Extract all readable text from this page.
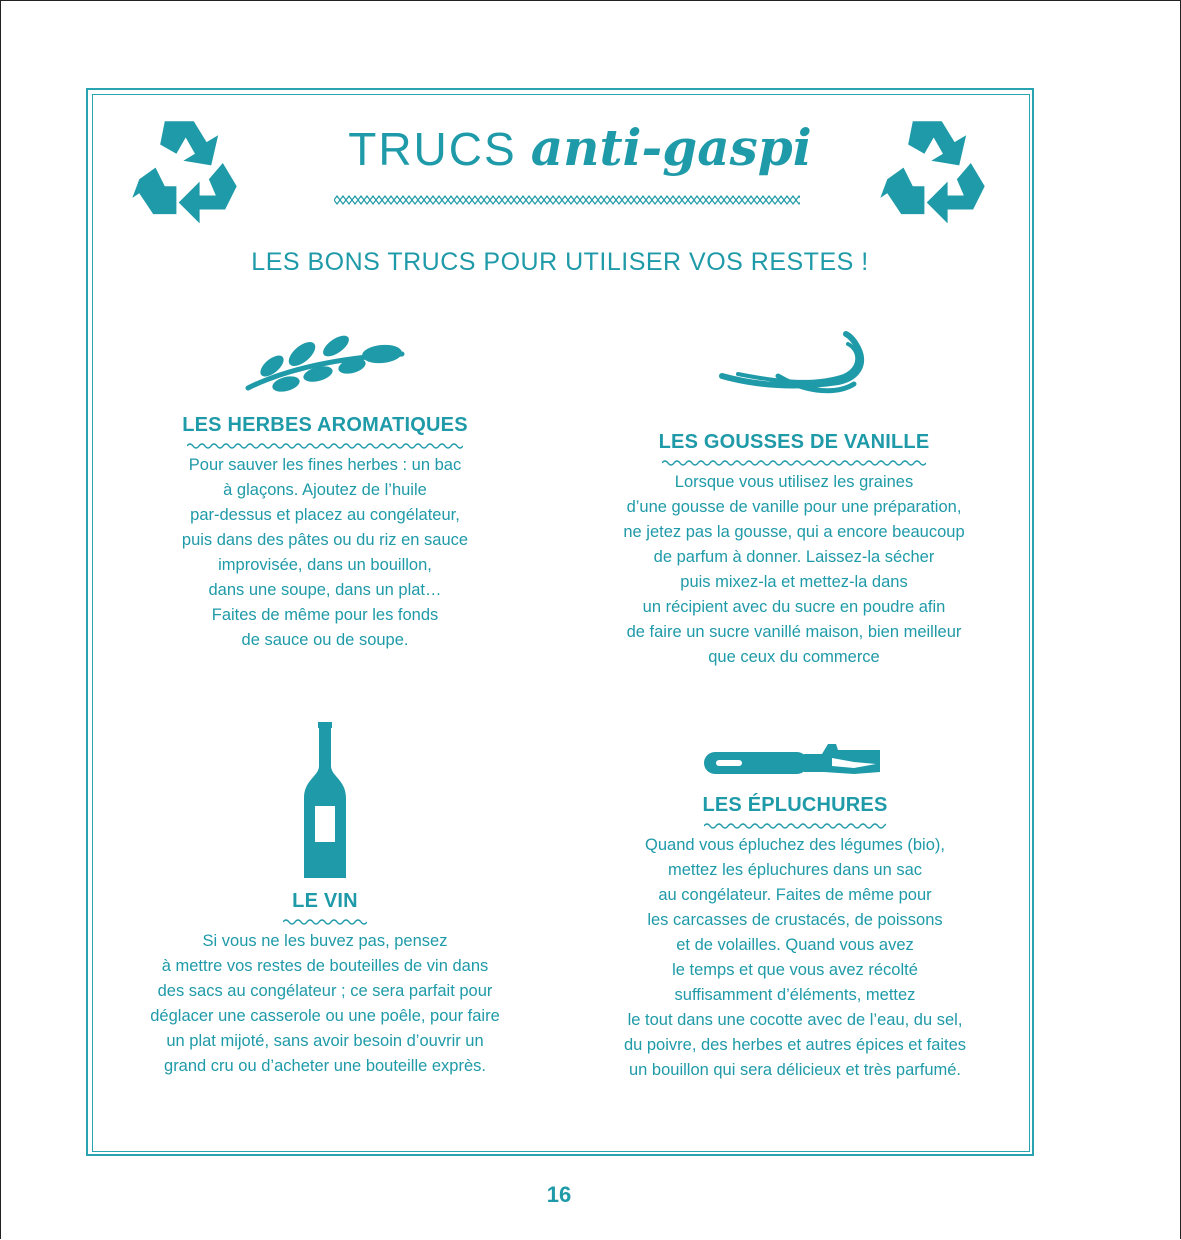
TRUCS anti-gaspi
LES BONS TRUCS POUR UTILISER VOS RESTES !
LES HERBES AROMATIQUES
Pour sauver les fines herbes : un bac
à glaçons. Ajoutez de l’huile
par-dessus et placez au congélateur,
puis dans des pâtes ou du riz en sauce
improvisée, dans un bouillon,
dans une soupe, dans un plat…
Faites de même pour les fonds
de sauce ou de soupe.
LES GOUSSES DE VANILLE
Lorsque vous utilisez les graines
d’une gousse de vanille pour une préparation,
ne jetez pas la gousse, qui a encore beaucoup
de parfum à donner. Laissez-la sécher
puis mixez-la et mettez-la dans
un récipient avec du sucre en poudre afin
de faire un sucre vanillé maison, bien meilleur
que ceux du commerce
LE VIN
Si vous ne les buvez pas, pensez
à mettre vos restes de bouteilles de vin dans
des sacs au congélateur ; ce sera parfait pour
déglacer une casserole ou une poêle, pour faire
un plat mijoté, sans avoir besoin d’ouvrir un
grand cru ou d’acheter une bouteille exprès.
LES ÉPLUCHURES
Quand vous épluchez des légumes (bio),
mettez les épluchures dans un sac
au congélateur. Faites de même pour
les carcasses de crustacés, de poissons
et de volailles. Quand vous avez
le temps et que vous avez récolté
suffisamment d’éléments, mettez
le tout dans une cocotte avec de l’eau, du sel,
du poivre, des herbes et autres épices et faites
un bouillon qui sera délicieux et très parfumé.
16
